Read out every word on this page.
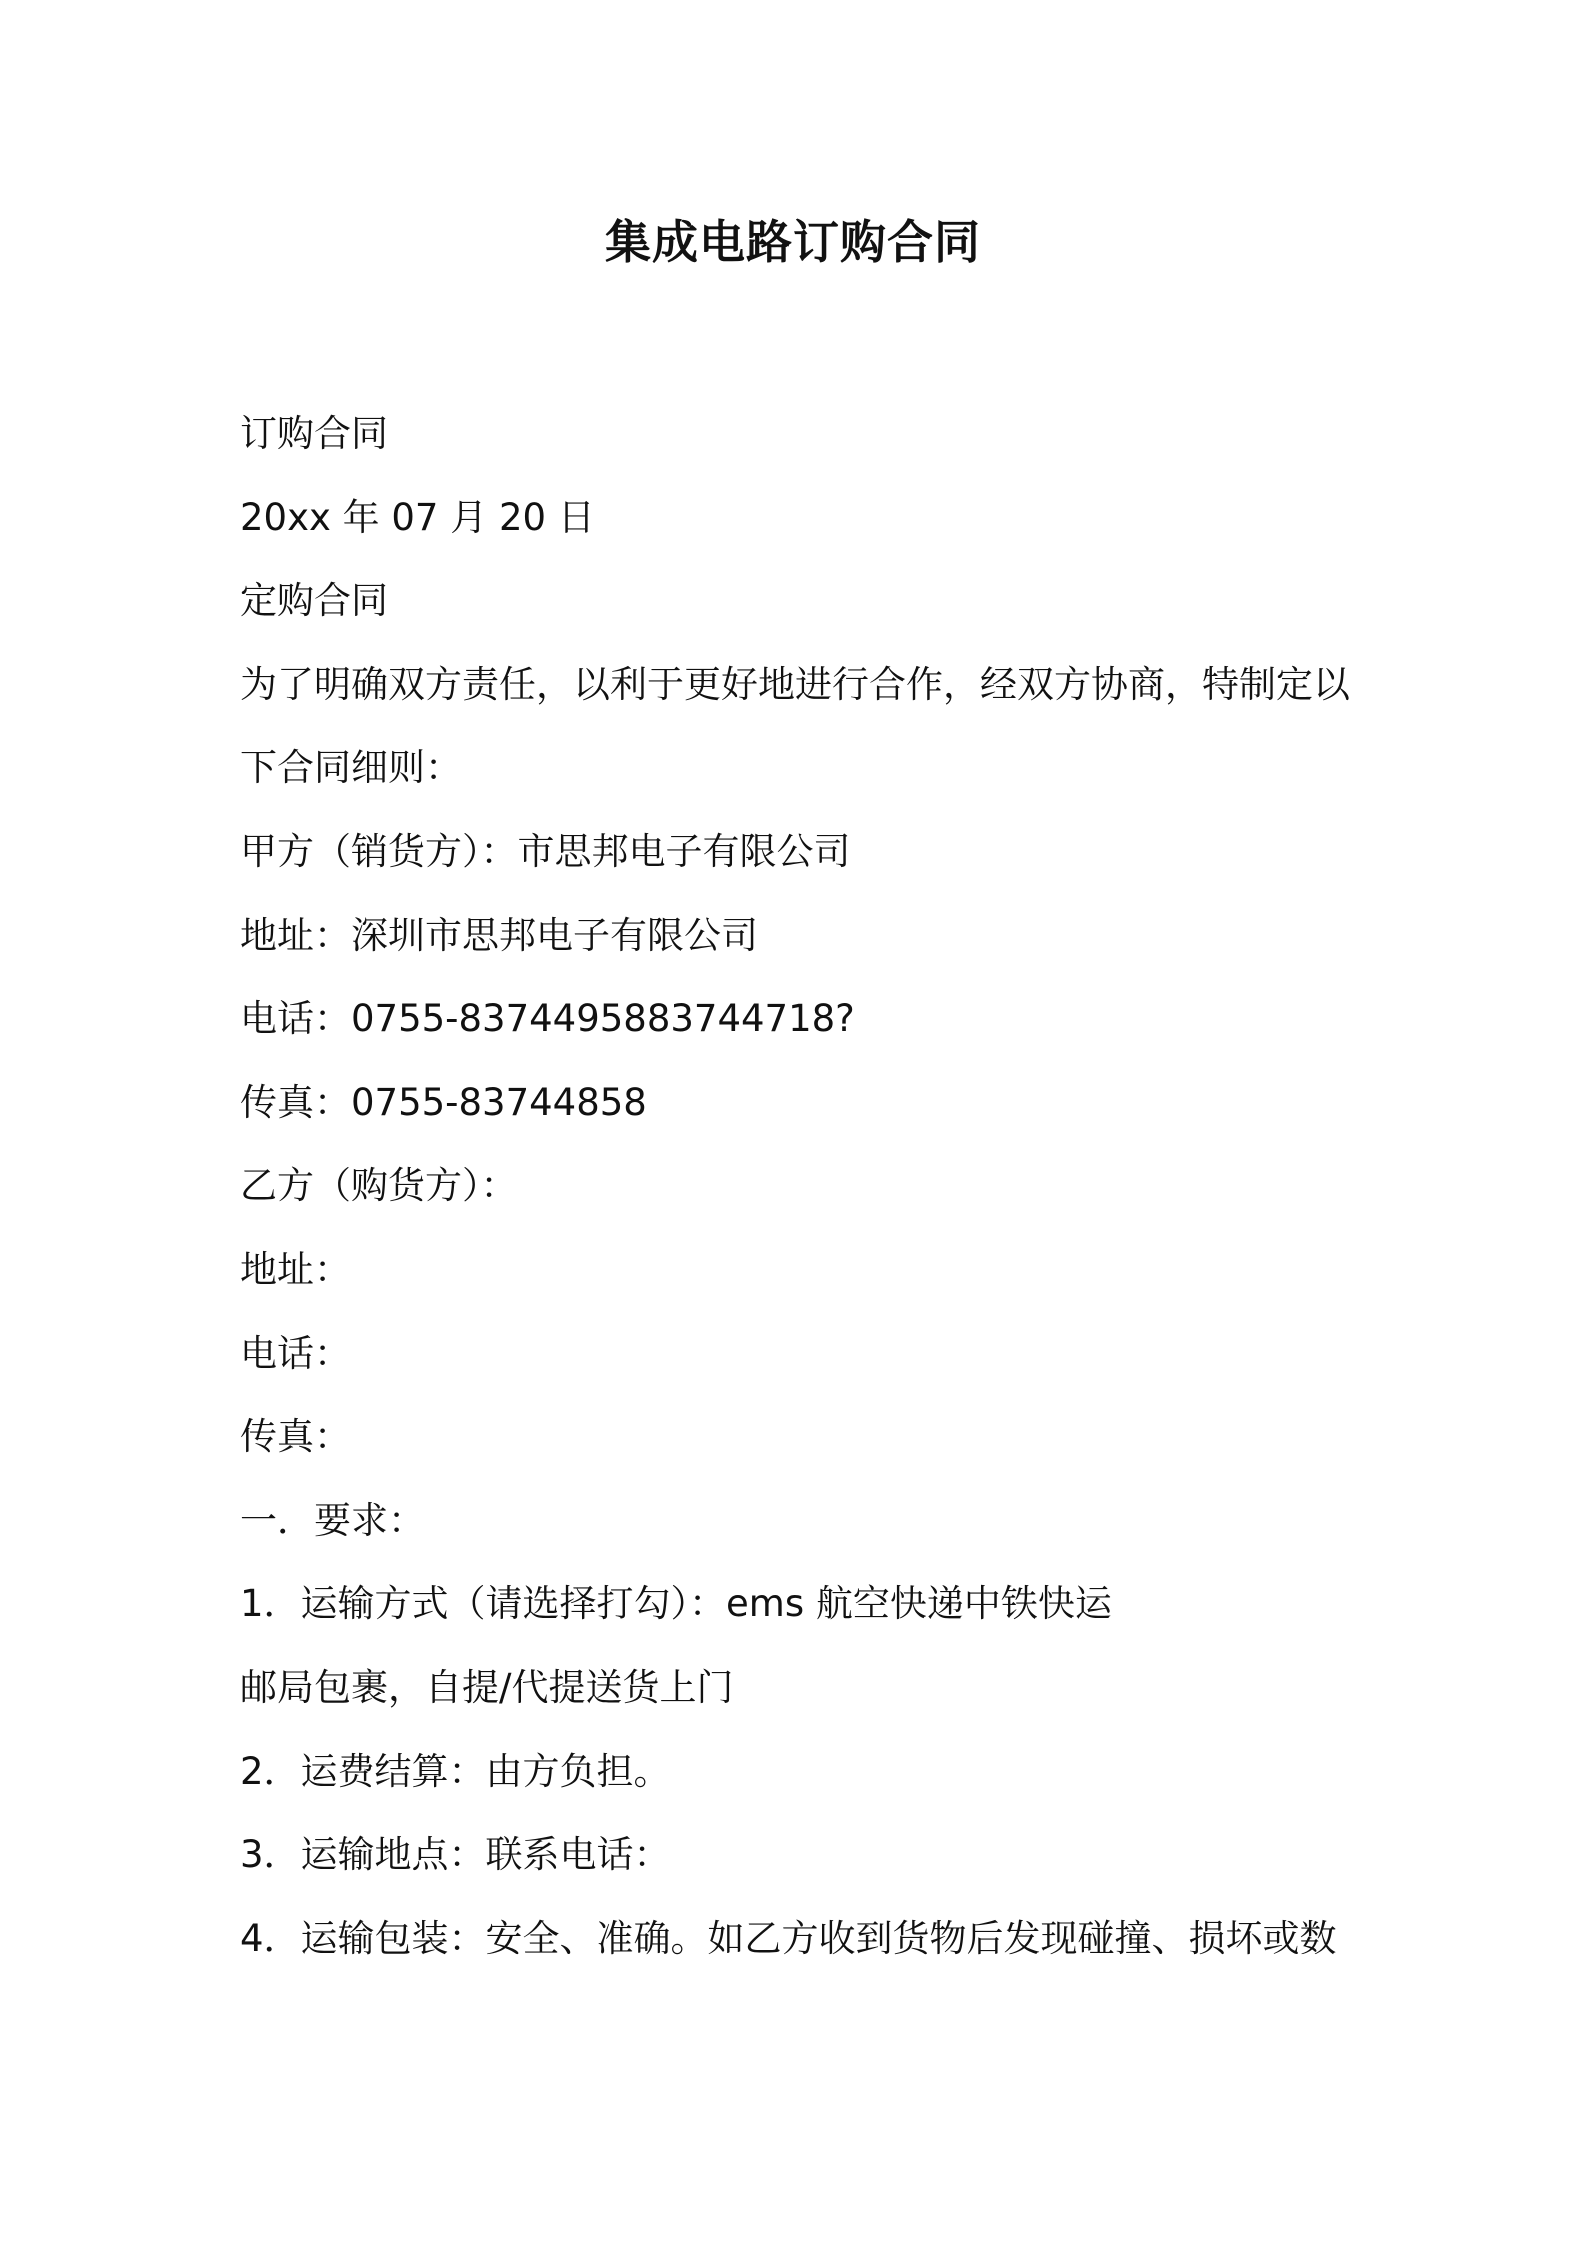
集成电路订购合同
订购合同
20xx 年 07 月 20 日
定购合同
为了明确双方责任，以利于更好地进行合作，经双方协商，特制定以
下合同细则：
甲方（销货方）：市思邦电子有限公司
地址：深圳市思邦电子有限公司
电话：0755-8374495883744718?
传真：0755-83744858
乙方（购货方）：
地址：
电话：
传真：
一．要求：
1．运输方式（请选择打勾）：ems 航空快递中铁快运
邮局包裹，自提/代提送货上门
2．运费结算：由方负担。
3．运输地点：联系电话：
4．运输包装：安全、准确。如乙方收到货物后发现碰撞、损坏或数
